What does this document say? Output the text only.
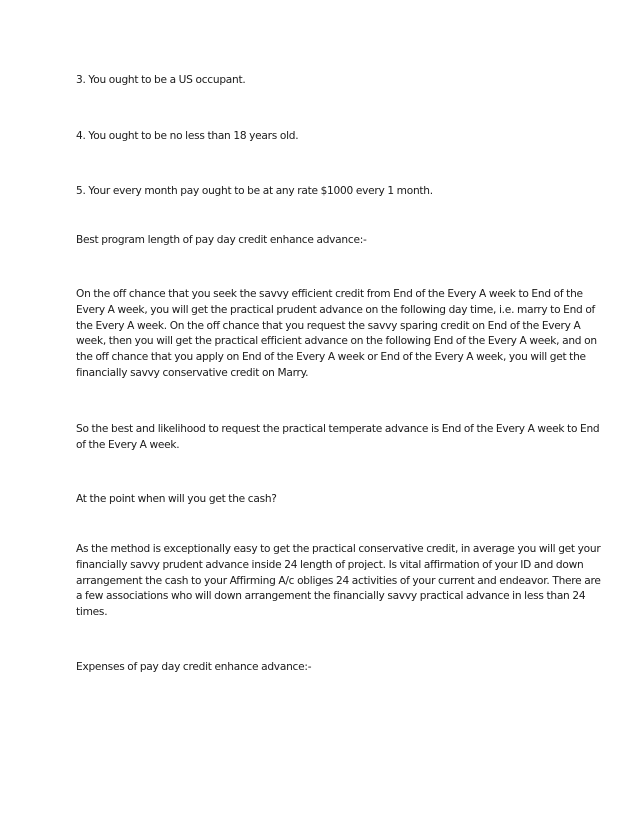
3. You ought to be a US occupant.

4. You ought to be no less than 18 years old.

5. Your every month pay ought to be at any rate $1000 every 1 month.

Best program length of pay day credit enhance advance:-

On the off chance that you seek the savvy efficient credit from End of the Every A week to End of the
Every A week, you will get the practical prudent advance on the following day time, i.e. marry to End of
the Every A week. On the off chance that you request the savvy sparing credit on End of the Every A
week, then you will get the practical efficient advance on the following End of the Every A week, and on
the off chance that you apply on End of the Every A week or End of the Every A week, you will get the
financially savvy conservative credit on Marry.

So the best and likelihood to request the practical temperate advance is End of the Every A week to End
of the Every A week.

At the point when will you get the cash?

As the method is exceptionally easy to get the practical conservative credit, in average you will get your
financially savvy prudent advance inside 24 length of project. Is vital affirmation of your ID and down
arrangement the cash to your Affirming A/c obliges 24 activities of your current and endeavor. There are
a few associations who will down arrangement the financially savvy practical advance in less than 24
times.

Expenses of pay day credit enhance advance:-
